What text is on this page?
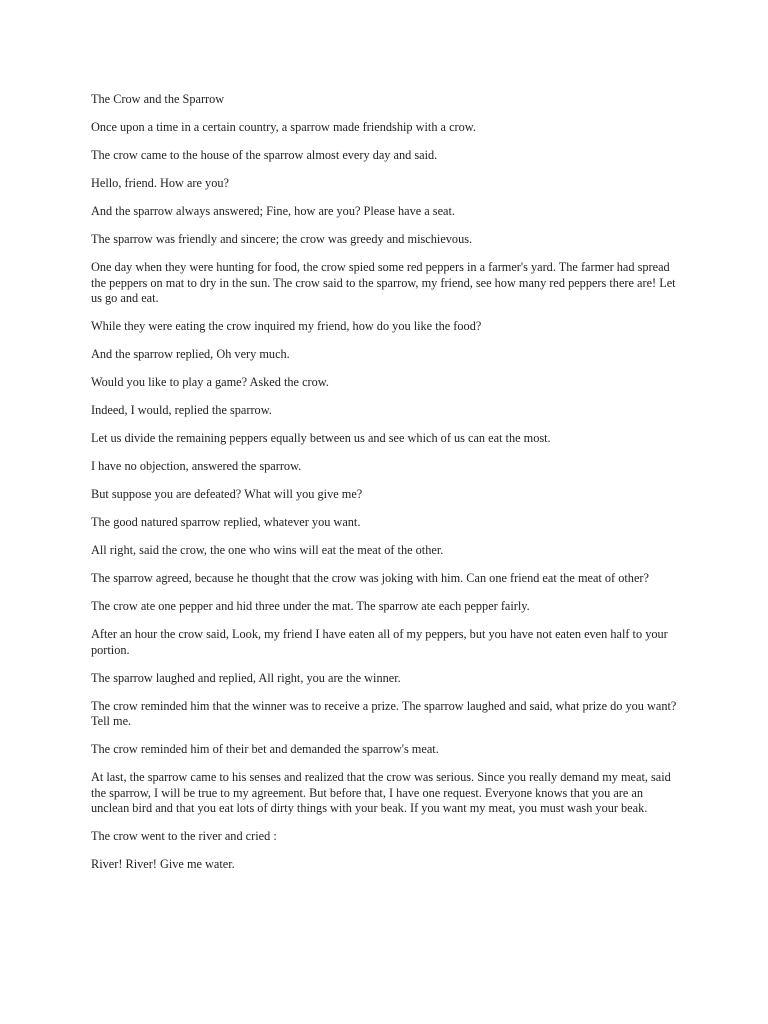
The Crow and the Sparrow

Once upon a time in a certain country, a sparrow made friendship with a crow.

The crow came to the house of the sparrow almost every day and said.

Hello, friend. How are you?

And the sparrow always answered; Fine, how are you? Please have a seat.

The sparrow was friendly and sincere; the crow was greedy and mischievous.

One day when they were hunting for food, the crow spied some red peppers in a farmer's yard. The farmer had spread the peppers on mat to dry in the sun. The crow said to the sparrow, my friend, see how many red peppers there are! Let us go and eat.

While they were eating the crow inquired my friend, how do you like the food?

And the sparrow replied, Oh very much.

Would you like to play a game? Asked the crow.

Indeed, I would, replied the sparrow.

Let us divide the remaining peppers equally between us and see which of us can eat the most.

I have no objection, answered the sparrow.

But suppose you are defeated? What will you give me?

The good natured sparrow replied, whatever you want.

All right, said the crow, the one who wins will eat the meat of the other.

The sparrow agreed, because he thought that the crow was joking with him. Can one friend eat the meat of other?

The crow ate one pepper and hid three under the mat. The sparrow ate each pepper fairly.

After an hour the crow said, Look, my friend I have eaten all of my peppers, but you have not eaten even half to your portion.

The sparrow laughed and replied, All right, you are the winner.

The crow reminded him that the winner was to receive a prize. The sparrow laughed and said, what prize do you want? Tell me.

The crow reminded him of their bet and demanded the sparrow's meat.

At last, the sparrow came to his senses and realized that the crow was serious. Since you really demand my meat, said the sparrow, I will be true to my agreement. But before that, I have one request. Everyone knows that you are an unclean bird and that you eat lots of dirty things with your beak. If you want my meat, you must wash your beak.

The crow went to the river and cried :

River! River! Give me water.
